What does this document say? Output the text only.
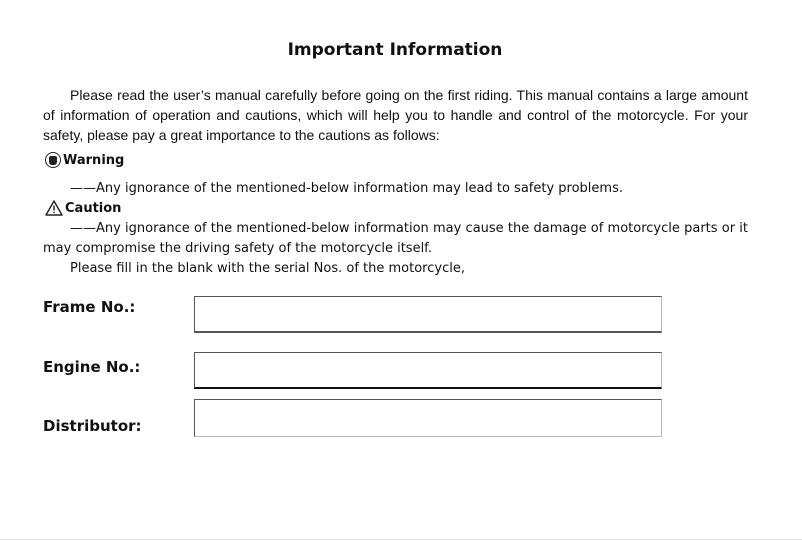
Important Information
Please read the user’s manual carefully before going on the first riding. This manual contains a large amount of information of operation and cautions, which will help you to handle and control of the motorcycle. For your safety, please pay a great importance to the cautions as follows:
Warning
——Any ignorance of the mentioned-below information may lead to safety problems.
Caution
——Any ignorance of the mentioned-below information may cause the damage of motorcycle parts or it may compromise the driving safety of the motorcycle itself.
Please fill in the blank with the serial Nos. of the motorcycle,
Frame No.:
Engine No.:
Distributor:
